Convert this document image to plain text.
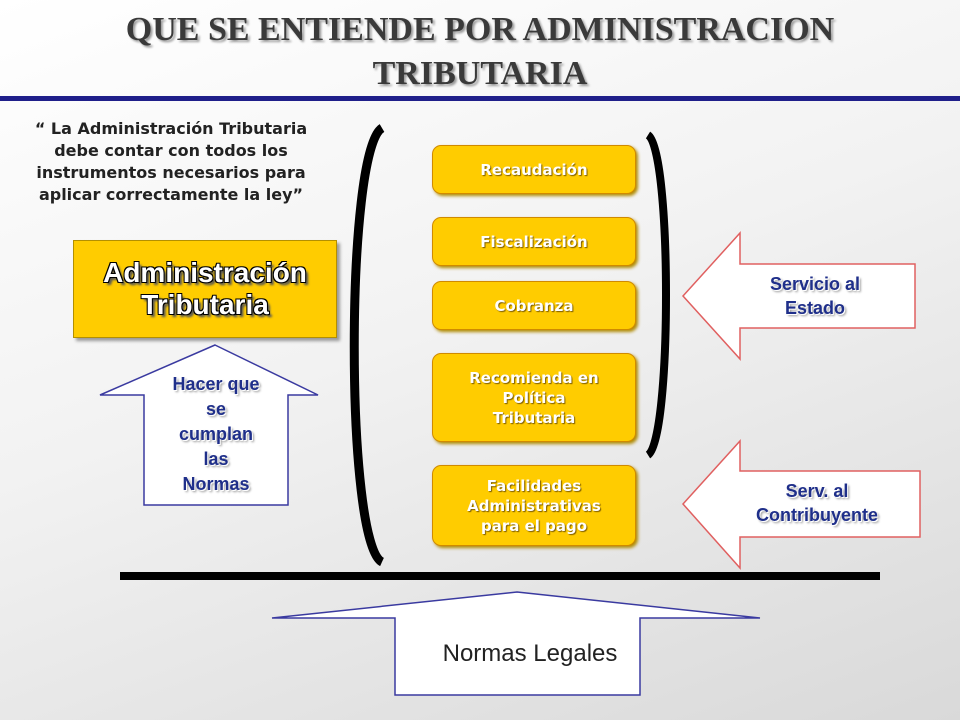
QUE SE ENTIENDE POR ADMINISTRACION
TRIBUTARIA
“ La Administración Tributaria
debe contar con todos los
instrumentos necesarios para
aplicar correctamente la ley”
Administración
Tributaria
Hacer que
se
cumplan
las
Normas
Recaudación
Fiscalización
Cobranza
Recomienda en
Política
Tributaria
Facilidades
Administrativas
para el pago
Servicio al
Estado
Serv. al
Contribuyente
Normas Legales
